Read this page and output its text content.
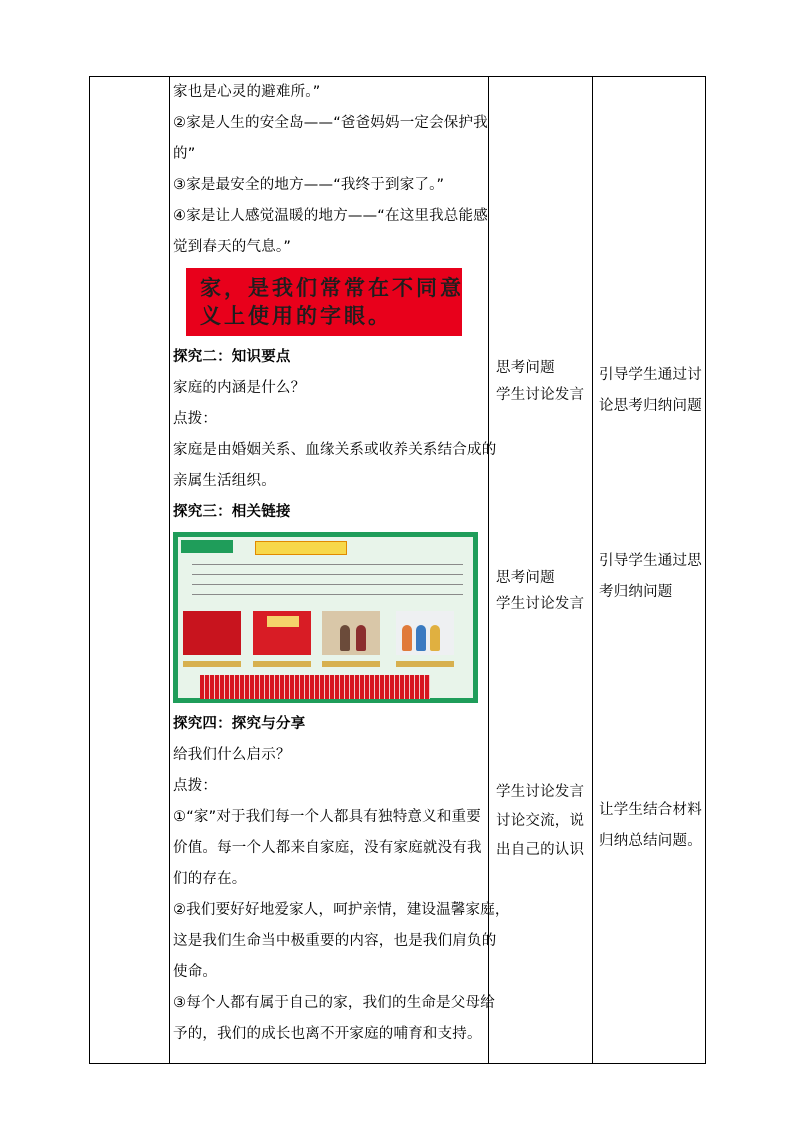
家也是心灵的避难所。”

②家是人生的安全岛——“爸爸妈妈一定会保护我

的”

③家是最安全的地方——“我终于到家了。”

④家是让人感觉温暖的地方——“在这里我总能感

觉到春天的气息。”

家，是我们常常在不同意
义上使用的字眼。

探究二：知识要点

家庭的内涵是什么？

点拨：

家庭是由婚姻关系、血缘关系或收养关系结合成的

亲属生活组织。

探究三：相关链接

探究四：探究与分享

给我们什么启示？

点拨：

①“家”对于我们每一个人都具有独特意义和重要

价值。每一个人都来自家庭，没有家庭就没有我

们的存在。

②我们要好好地爱家人，呵护亲情，建设温馨家庭，

这是我们生命当中极重要的内容，也是我们肩负的

使命。

③每个人都有属于自己的家，我们的生命是父母给

予的，我们的成长也离不开家庭的哺育和支持。

思考问题

学生讨论发言

思考问题

学生讨论发言

学生讨论发言

讨论交流，说

出自己的认识

引导学生通过讨

论思考归纳问题

引导学生通过思

考归纳问题

让学生结合材料

归纳总结问题。
